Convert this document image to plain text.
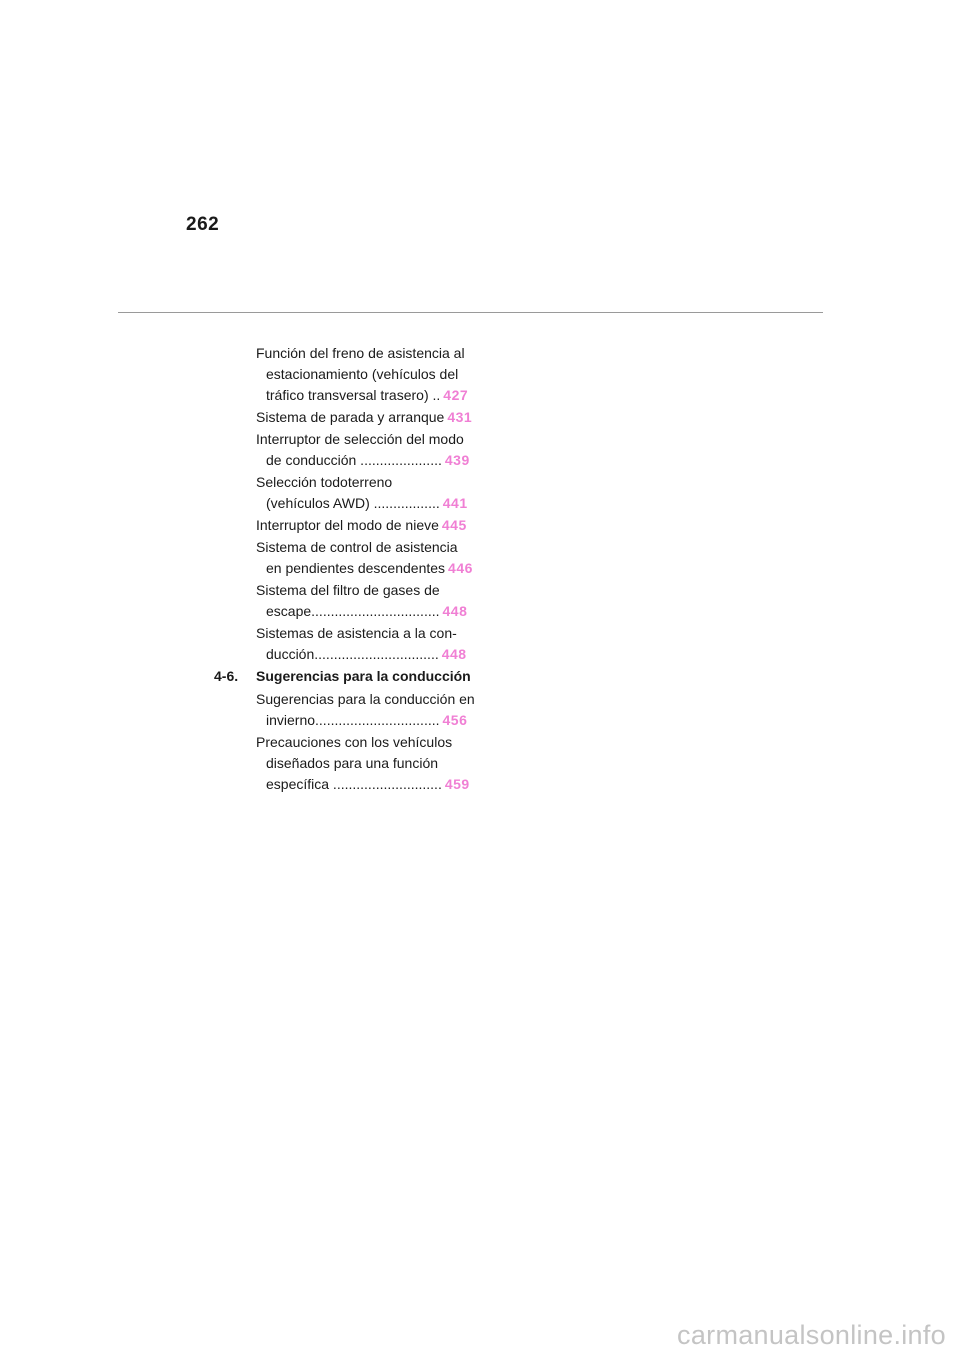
262
Función del freno de asistencia al
estacionamiento (vehículos del
tráfico transversal trasero) .. 427
Sistema de parada y arranque 431
Interruptor de selección del modo
de conducción ..................... 439
Selección todoterreno
(vehículos AWD) ................. 441
Interruptor del modo de nieve 445
Sistema de control de asistencia
en pendientes descendentes 446
Sistema del filtro de gases de
escape................................. 448
Sistemas de asistencia a la con-
ducción................................ 448
4-6.	Sugerencias para la conducción
Sugerencias para la conducción en
invierno................................ 456
Precauciones con los vehículos
diseñados para una función
específica ............................ 459
carmanualsonline.info
